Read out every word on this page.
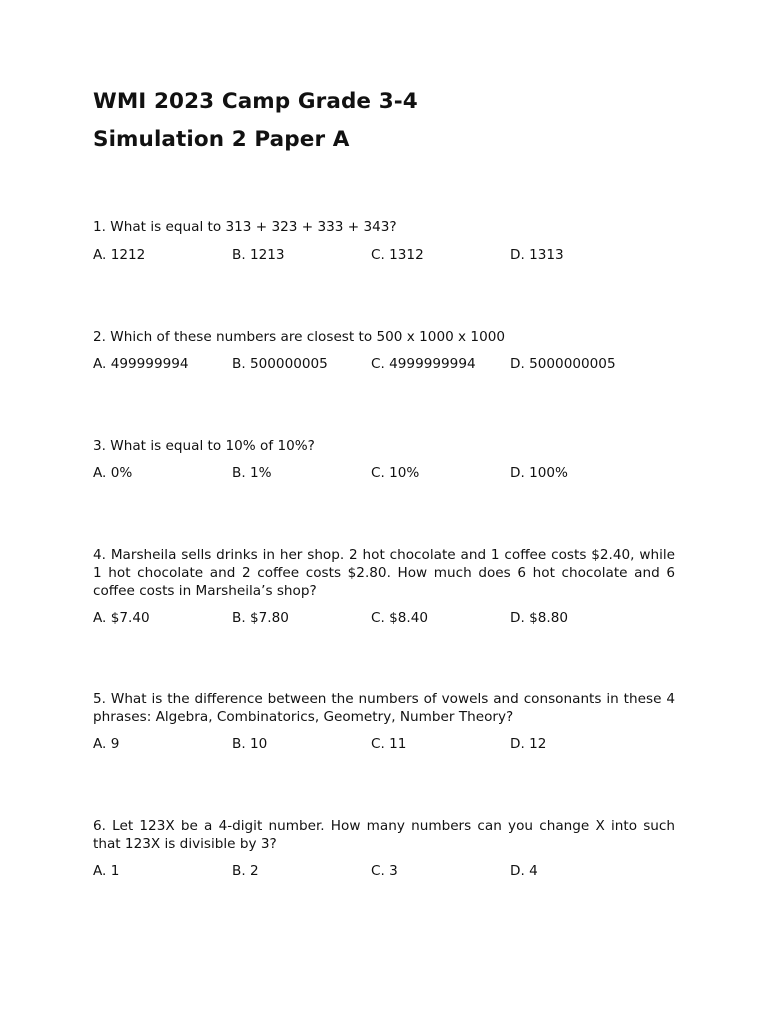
WMI 2023 Camp Grade 3-4
Simulation 2 Paper A

1. What is equal to 313 + 323 + 333 + 343?

A. 1212	B. 1213	C. 1312	D. 1313

2. Which of these numbers are closest to 500 x 1000 x 1000

A. 499999994	B. 500000005	C. 4999999994	D. 5000000005

3. What is equal to 10% of 10%?

A. 0%	B. 1%	C. 10%	D. 100%

4. Marsheila sells drinks in her shop. 2 hot chocolate and 1 coffee costs $2.40, while 1 hot chocolate and 2 coffee costs $2.80. How much does 6 hot chocolate and 6 coffee costs in Marsheila’s shop?

A. $7.40	B. $7.80	C. $8.40	D. $8.80

5. What is the difference between the numbers of vowels and consonants in these 4 phrases: Algebra, Combinatorics, Geometry, Number Theory?

A. 9	B. 10	C. 11	D. 12

6. Let 123X be a 4-digit number. How many numbers can you change X into such that 123X is divisible by 3?

A. 1	B. 2	C. 3	D. 4
